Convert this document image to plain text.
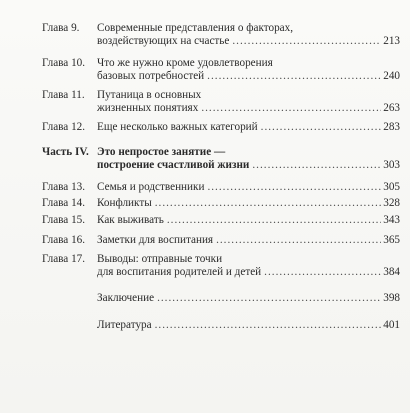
Глава 9. Современные представления о факторах,
воздействующих на счастье .....	213
Глава 10. Что же нужно кроме удовлетворения
базовых потребностей .....	240
Глава 11. Путаница в основных
жизненных понятиях .....	263
Глава 12. Еще несколько важных категорий .....	283
Часть IV. Это непростое занятие —
построение счастливой жизни .....	303
Глава 13. Семья и родственники .....	305
Глава 14. Конфликты .....	328
Глава 15. Как выживать .....	343
Глава 16. Заметки для воспитания .....	365
Глава 17. Выводы: отправные точки
для воспитания родителей и детей .....	384
Заключение .....	398
Литература .....	401
